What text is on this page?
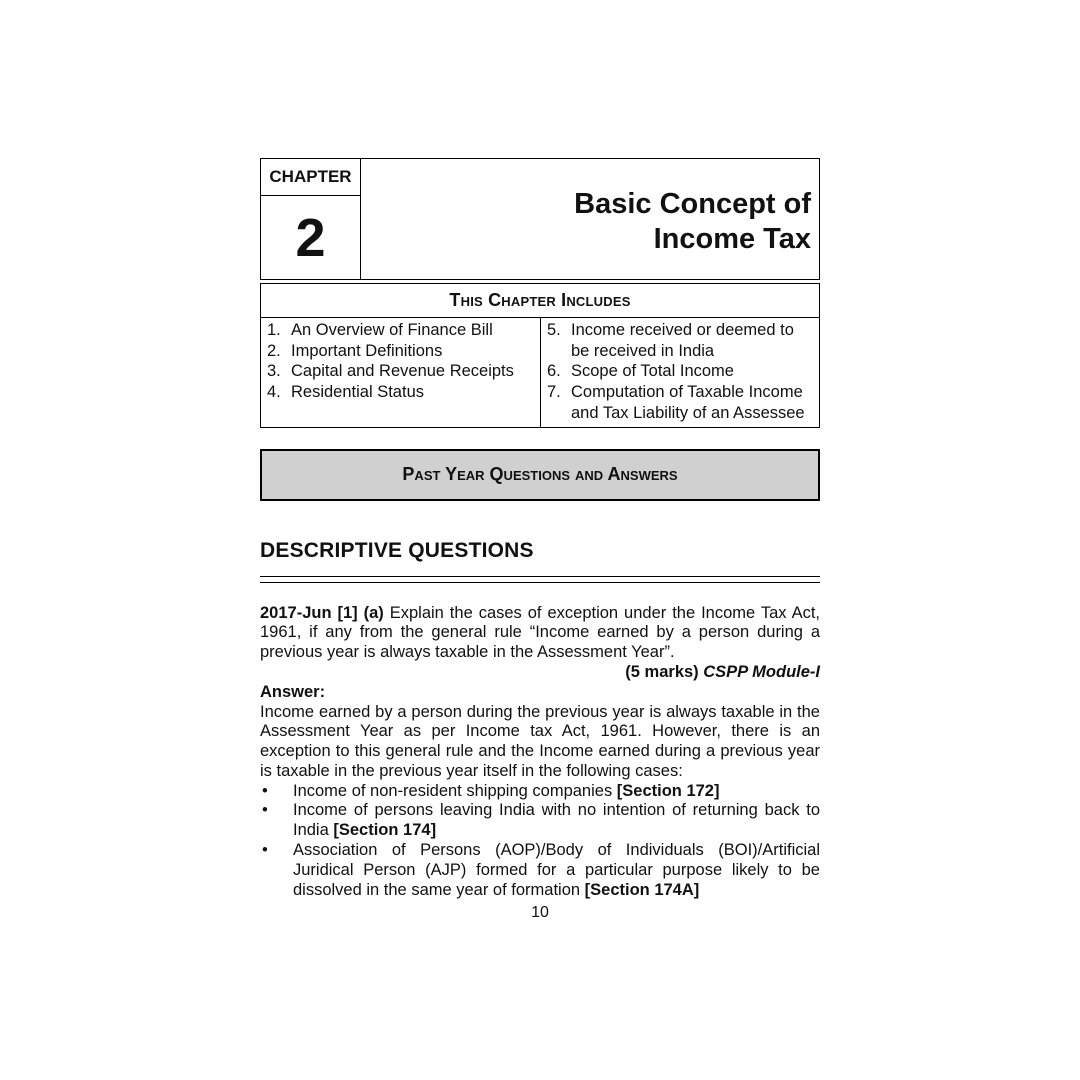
CHAPTER
2
Basic Concept of
Income Tax
This Chapter Includes
1. An Overview of Finance Bill
2. Important Definitions
3. Capital and Revenue Receipts
4. Residential Status
5. Income received or deemed to be received in India
6. Scope of Total Income
7. Computation of Taxable Income and Tax Liability of an Assessee
Past Year Questions and Answers
DESCRIPTIVE QUESTIONS

2017-Jun [1] (a) Explain the cases of exception under the Income Tax Act, 1961, if any from the general rule “Income earned by a person during a previous year is always taxable in the Assessment Year”.

(5 marks) CSPP Module-I
Answer:

Income earned by a person during the previous year is always taxable in the Assessment Year as per Income tax Act, 1961. However, there is an exception to this general rule and the Income earned during a previous year is taxable in the previous year itself in the following cases:

•	Income of non-resident shipping companies [Section 172]
•	Income of persons leaving India with no intention of returning back to India [Section 174]
•	Association of Persons (AOP)/Body of Individuals (BOI)/Artificial Juridical Person (AJP) formed for a particular purpose likely to be dissolved in the same year of formation [Section 174A]
10
